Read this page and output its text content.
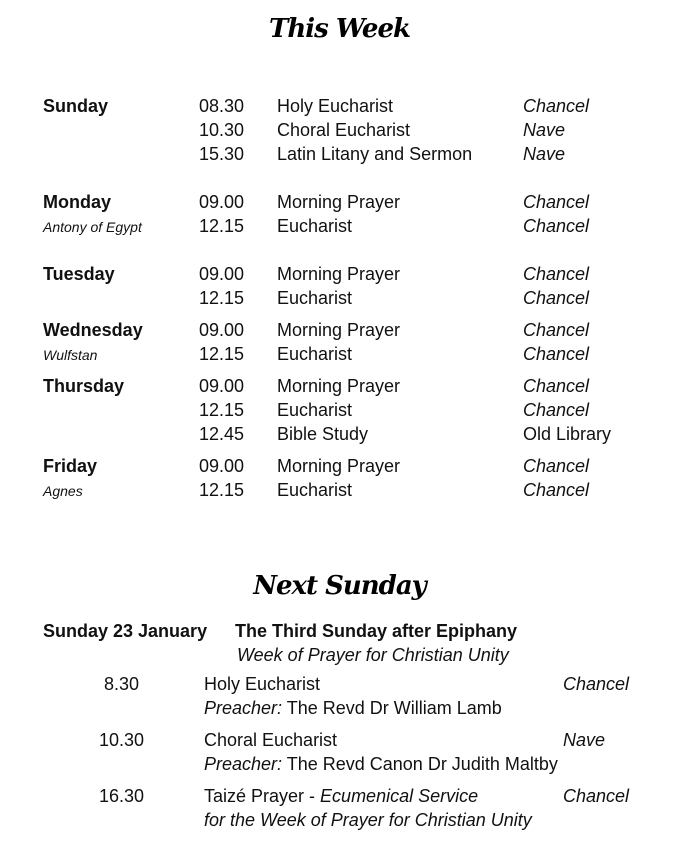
This Week
Sunday	08.30 Holy Eucharist	Chancel
10.30 Choral Eucharist	Nave
15.30 Latin Litany and Sermon	Nave
Monday
Antony of Egypt
09.00 Morning Prayer	Chancel
12.15 Eucharist	Chancel
Tuesday	09.00 Morning Prayer	Chancel
12.15 Eucharist	Chancel
Wednesday
Wulfstan
09.00 Morning Prayer	Chancel
12.15 Eucharist	Chancel
Thursday	09.00 Morning Prayer	Chancel
12.15 Eucharist	Chancel
12.45 Bible Study	Old Library
Friday
Agnes
09.00 Morning Prayer	Chancel
12.15 Eucharist	Chancel
Next Sunday
Sunday 23 January The Third Sunday after Epiphany
Week of Prayer for Christian Unity
8.30	Holy Eucharist	Chancel
Preacher: The Revd Dr William Lamb
10.30	Choral Eucharist	Nave
Preacher: The Revd Canon Dr Judith Maltby
16.30	Taizé Prayer - Ecumenical Service	Chancel
for the Week of Prayer for Christian Unity
